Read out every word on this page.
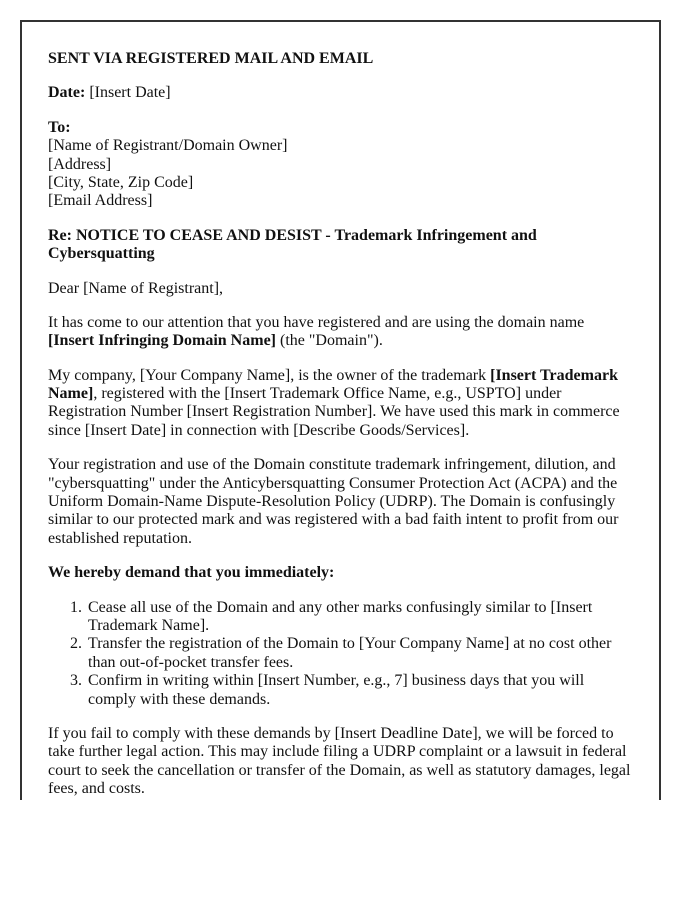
SENT VIA REGISTERED MAIL AND EMAIL

Date: [Insert Date]

To:
[Name of Registrant/Domain Owner]
[Address]
[City, State, Zip Code]
[Email Address]

Re: NOTICE TO CEASE AND DESIST - Trademark Infringement and Cybersquatting

Dear [Name of Registrant],

It has come to our attention that you have registered and are using the domain name [Insert Infringing Domain Name] (the "Domain").

My company, [Your Company Name], is the owner of the trademark [Insert Trademark Name], registered with the [Insert Trademark Office Name, e.g., USPTO] under Registration Number [Insert Registration Number]. We have used this mark in commerce since [Insert Date] in connection with [Describe Goods/Services].

Your registration and use of the Domain constitute trademark infringement, dilution, and "cybersquatting" under the Anticybersquatting Consumer Protection Act (ACPA) and the Uniform Domain-Name Dispute-Resolution Policy (UDRP). The Domain is confusingly similar to our protected mark and was registered with a bad faith intent to profit from our established reputation.

We hereby demand that you immediately:

1. Cease all use of the Domain and any other marks confusingly similar to [Insert Trademark Name].
2. Transfer the registration of the Domain to [Your Company Name] at no cost other than out-of-pocket transfer fees.
3. Confirm in writing within [Insert Number, e.g., 7] business days that you will comply with these demands.

If you fail to comply with these demands by [Insert Deadline Date], we will be forced to take further legal action. This may include filing a UDRP complaint or a lawsuit in federal court to seek the cancellation or transfer of the Domain, as well as statutory damages, legal fees, and costs.
